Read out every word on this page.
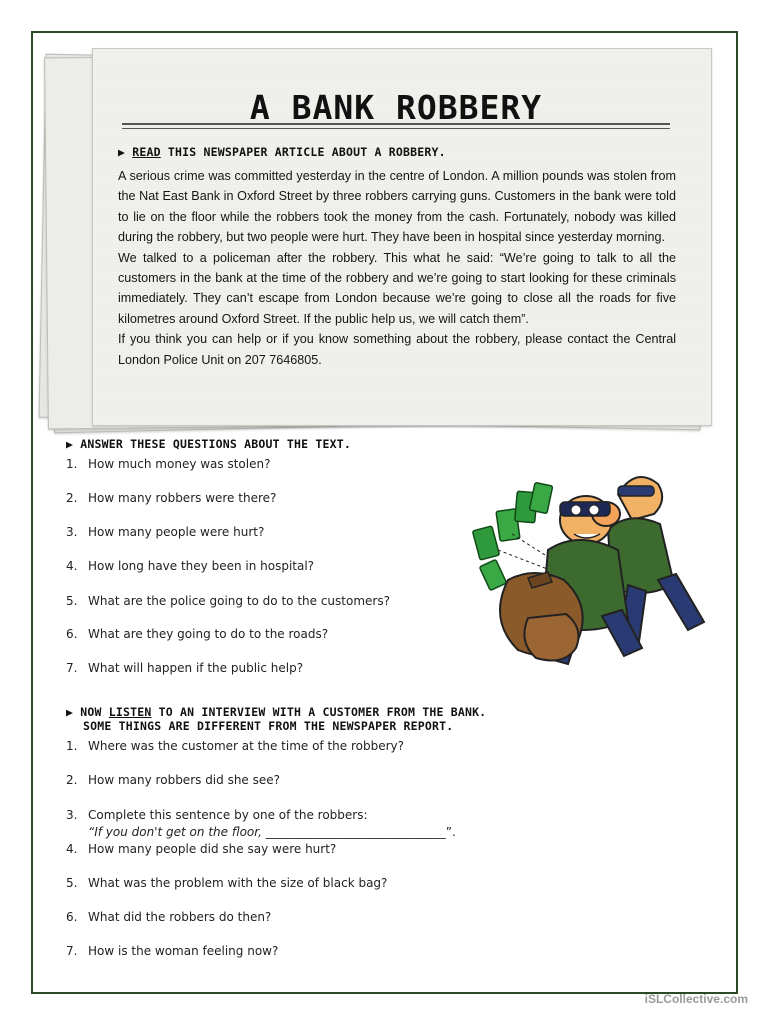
A BANK ROBBERY
▶ READ THIS NEWSPAPER ARTICLE ABOUT A ROBBERY.

A serious crime was committed yesterday in the centre of London. A million pounds was stolen from the Nat East Bank in Oxford Street by three robbers carrying guns. Customers in the bank were told to lie on the floor while the robbers took the money from the cash. Fortunately, nobody was killed during the robbery, but two people were hurt. They have been in hospital since yesterday morning.

We talked to a policeman after the robbery. This what he said: “We’re going to talk to all the customers in the bank at the time of the robbery and we’re going to start looking for these criminals immediately. They can’t escape from London because we’re going to close all the roads for five kilometres around Oxford Street. If the public help us, we will catch them”.

If you think you can help or if you know something about the robbery, please contact the Central London Police Unit on 207 7646805.

▶ ANSWER THESE QUESTIONS ABOUT THE TEXT.
1. How much money was stolen?
2. How many robbers were there?
3. How many people were hurt?
4. How long have they been in hospital?
5. What are the police going to do to the customers?
6. What are they going to do to the roads?
7. What will happen if the public help?
▶ NOW LISTEN TO AN INTERVIEW WITH A CUSTOMER FROM THE BANK.
SOME THINGS ARE DIFFERENT FROM THE NEWSPAPER REPORT.
1. Where was the customer at the time of the robbery?
2. How many robbers did she see?
3. Complete this sentence by one of the robbers:
“If you don't get on the floor, ______________________________”.
4. How many people did she say were hurt?
5. What was the problem with the size of black bag?
6. What did the robbers do then?
7. How is the woman feeling now?
iSLCollective.com
